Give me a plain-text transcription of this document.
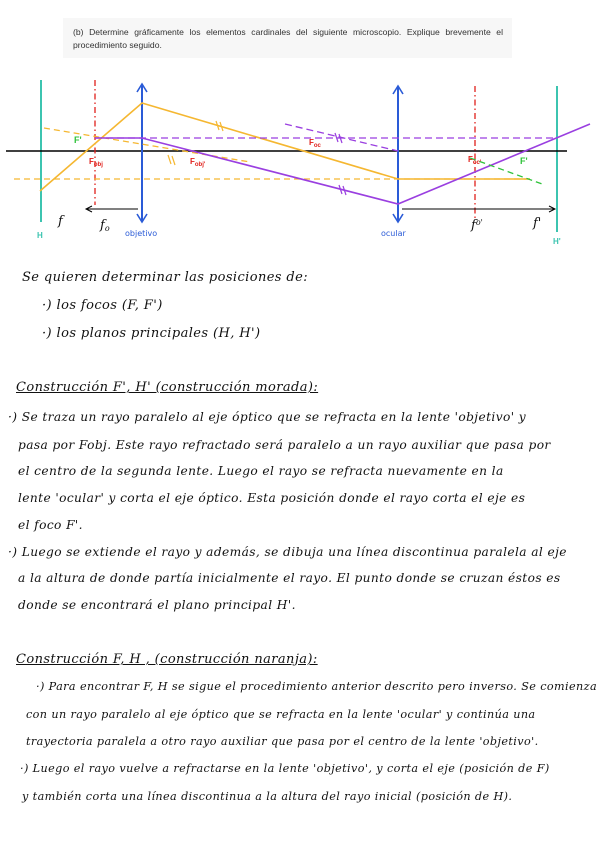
(b) Determine gráficamente los elementos cardinales del siguiente microscopio. Explique brevemente el procedimiento seguido.
F'
$F_{obj}$	$F_{obj'}$
$F_{oc}$
$F_{oc'}$	F'
H
f	fo
objetivo	ocular
$f^{o'}$	f'
H'
Se quieren determinar las posiciones de:
·) los focos (F, F')
·) los planos principales (H, H')
Construcción F', H' (construcción morada):
·) Se traza un rayo paralelo al eje óptico que se refracta en la lente 'objetivo' y
pasa por Fobj. Este rayo refractado será paralelo a un rayo auxiliar que pasa por
el centro de la segunda lente. Luego el rayo se refracta nuevamente en la
lente 'ocular' y corta el eje óptico. Esta posición donde el rayo corta el eje es
el foco F'.
·) Luego se extiende el rayo y además, se dibuja una línea discontinua paralela al eje
a la altura de donde partía inicialmente el rayo. El punto donde se cruzan éstos es
donde se encontrará el plano principal H'.
Construcción F, H , (construcción naranja):
·) Para encontrar F, H se sigue el procedimiento anterior descrito pero inverso. Se comienza
con un rayo paralelo al eje óptico que se refracta en la lente 'ocular' y continúa una
trayectoria paralela a otro rayo auxiliar que pasa por el centro de la lente 'objetivo'.
·) Luego el rayo vuelve a refractarse en la lente 'objetivo', y corta el eje (posición de F)
y también corta una línea discontinua a la altura del rayo inicial (posición de H).
